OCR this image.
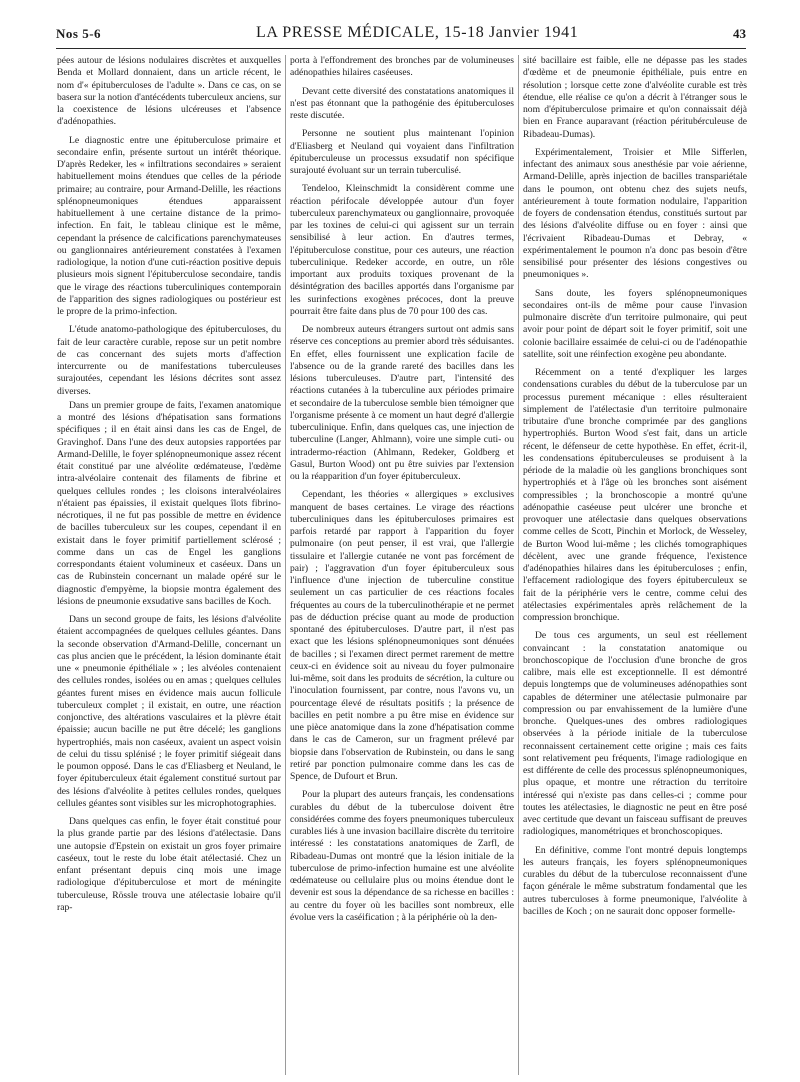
Nos 5-6	LA PRESSE MÉDICALE, 15-18 Janvier 1941	43

pées autour de lésions nodulaires discrètes et auxquelles Benda et Mollard donnaient, dans un article récent, le nom d'« épituberculoses de l'adulte ». Dans ce cas, on se basera sur la notion d'antécédents tuberculeux anciens, sur la coexistence de lésions ulcéreuses et l'absence d'adénopathies.

Le diagnostic entre une épituberculose primaire et secondaire enfin, présente surtout un intérêt théorique. D'après Redeker, les « infiltrations secondaires » seraient habituellement moins étendues que celles de la période primaire; au contraire, pour Armand-Delille, les réactions splénopneumoniques étendues apparaissent habituellement à une certaine distance de la primo-infection. En fait, le tableau clinique est le même, cependant la présence de calcifications parenchymateuses ou ganglionnaires antérieurement constatées à l'examen radiologique, la notion d'une cuti-réaction positive depuis plusieurs mois signent l'épituberculose secondaire, tandis que le virage des réactions tuberculiniques contemporain de l'apparition des signes radiologiques ou postérieur est le propre de la primo-infection.

L'étude anatomo-pathologique des épituberculoses, du fait de leur caractère curable, repose sur un petit nombre de cas concernant des sujets morts d'affection intercurrente ou de manifestations tuberculeuses surajoutées, cependant les lésions décrites sont assez diverses.

Dans un premier groupe de faits, l'examen anatomique a montré des lésions d'hépatisation sans formations spécifiques ; il en était ainsi dans les cas de Engel, de Gravinghof. Dans l'une des deux autopsies rapportées par Armand-Delille, le foyer splénopneumonique assez récent était constitué par une alvéolite œdémateuse, l'œdème intra-alvéolaire contenait des filaments de fibrine et quelques cellules rondes ; les cloisons interalvéolaires n'étaient pas épaissies, il existait quelques îlots fibrino-nécrotiques, il ne fut pas possible de mettre en évidence de bacilles tuberculeux sur les coupes, cependant il en existait dans le foyer primitif partiellement sclérosé ; comme dans un cas de Engel les ganglions correspondants étaient volumineux et caséeux. Dans un cas de Rubinstein concernant un malade opéré sur le diagnostic d'empyème, la biopsie montra également des lésions de pneumonie exsudative sans bacilles de Koch.

Dans un second groupe de faits, les lésions d'alvéolite étaient accompagnées de quelques cellules géantes. Dans la seconde observation d'Armand-Delille, concernant un cas plus ancien que le précédent, la lésion dominante était une « pneumonie épithéliale » ; les alvéoles contenaient des cellules rondes, isolées ou en amas ; quelques cellules géantes furent mises en évidence mais aucun follicule tuberculeux complet ; il existait, en outre, une réaction conjonctive, des altérations vasculaires et la plèvre était épaissie; aucun bacille ne put être décelé; les ganglions hypertrophiés, mais non caséeux, avaient un aspect voisin de celui du tissu splénisé ; le foyer primitif siégeait dans le poumon opposé. Dans le cas d'Eliasberg et Neuland, le foyer épituberculeux était également constitué surtout par des lésions d'alvéolite à petites cellules rondes, quelques cellules géantes sont visibles sur les microphotographies.

Dans quelques cas enfin, le foyer était constitué pour la plus grande partie par des lésions d'atélectasie. Dans une autopsie d'Epstein on existait un gros foyer primaire caséeux, tout le reste du lobe était atélectasié. Chez un enfant présentant depuis cinq mois une image radiologique d'épituberculose et mort de méningite tuberculeuse, Rössle trouva une atélectasie lobaire qu'il rap-

porta à l'effondrement des bronches par de volumineuses adénopathies hilaires caséeuses.

Devant cette diversité des constatations anatomiques il n'est pas étonnant que la pathogénie des épituberculoses reste discutée.

Personne ne soutient plus maintenant l'opinion d'Eliasberg et Neuland qui voyaient dans l'infiltration épituberculeuse un processus exsudatif non spécifique surajouté évoluant sur un terrain tuberculisé.

Tendeloo, Kleinschmidt la considèrent comme une réaction périfocale développée autour d'un foyer tuberculeux parenchymateux ou ganglionnaire, provoquée par les toxines de celui-ci qui agissent sur un terrain sensibilisé à leur action. En d'autres termes, l'épituberculose constitue, pour ces auteurs, une réaction tuberculinique. Redeker accorde, en outre, un rôle important aux produits toxiques provenant de la désintégration des bacilles apportés dans l'organisme par les surinfections exogènes précoces, dont la preuve pourrait être faite dans plus de 70 pour 100 des cas.

De nombreux auteurs étrangers surtout ont admis sans réserve ces conceptions au premier abord très séduisantes. En effet, elles fournissent une explication facile de l'absence ou de la grande rareté des bacilles dans les lésions tuberculeuses. D'autre part, l'intensité des réactions cutanées à la tuberculine aux périodes primaire et secondaire de la tuberculose semble bien témoigner que l'organisme présente à ce moment un haut degré d'allergie tuberculinique. Enfin, dans quelques cas, une injection de tuberculine (Langer, Ahlmann), voire une simple cuti- ou intradermo-réaction (Ahlmann, Redeker, Goldberg et Gasul, Burton Wood) ont pu être suivies par l'extension ou la réapparition d'un foyer épituberculeux.

Cependant, les théories « allergiques » exclusives manquent de bases certaines. Le virage des réactions tuberculiniques dans les épituberculoses primaires est parfois retardé par rapport à l'apparition du foyer pulmonaire (on peut penser, il est vrai, que l'allergie tissulaire et l'allergie cutanée ne vont pas forcément de pair) ; l'aggravation d'un foyer épituberculeux sous l'influence d'une injection de tuberculine constitue seulement un cas particulier de ces réactions focales fréquentes au cours de la tuberculinothérapie et ne permet pas de déduction précise quant au mode de production spontané des épituberculoses. D'autre part, il n'est pas exact que les lésions splénopneumoniques sont dénuées de bacilles ; si l'examen direct permet rarement de mettre ceux-ci en évidence soit au niveau du foyer pulmonaire lui-même, soit dans les produits de sécrétion, la culture ou l'inoculation fournissent, par contre, nous l'avons vu, un pourcentage élevé de résultats positifs ; la présence de bacilles en petit nombre a pu être mise en évidence sur une pièce anatomique dans la zone d'hépatisation comme dans le cas de Cameron, sur un fragment prélevé par biopsie dans l'observation de Rubinstein, ou dans le sang retiré par ponction pulmonaire comme dans les cas de Spence, de Dufourt et Brun.

Pour la plupart des auteurs français, les condensations curables du début de la tuberculose doivent être considérées comme des foyers pneumoniques tuberculeux curables liés à une invasion bacillaire discrète du territoire intéressé : les constatations anatomiques de Zarfl, de Ribadeau-Dumas ont montré que la lésion initiale de la tuberculose de primo-infection humaine est une alvéolite œdémateuse ou cellulaire plus ou moins étendue dont le devenir est sous la dépendance de sa richesse en bacilles : au centre du foyer où les bacilles sont nombreux, elle évolue vers la caséification ; à la périphérie où la den-

sité bacillaire est faible, elle ne dépasse pas les stades d'œdème et de pneumonie épithéliale, puis entre en résolution ; lorsque cette zone d'alvéolite curable est très étendue, elle réalise ce qu'on a décrit à l'étranger sous le nom d'épituberculose primaire et qu'on connaissait déjà bien en France auparavant (réaction péritubérculeuse de Ribadeau-Dumas).

Expérimentalement, Troisier et Mlle Sifferlen, infectant des animaux sous anesthésie par voie aérienne, Armand-Delille, après injection de bacilles transpariétale dans le poumon, ont obtenu chez des sujets neufs, antérieurement à toute formation nodulaire, l'apparition de foyers de condensation étendus, constitués surtout par des lésions d'alvéolite diffuse ou en foyer : ainsi que l'écrivaient Ribadeau-Dumas et Debray, « expérimentalement le poumon n'a donc pas besoin d'être sensibilisé pour présenter des lésions congestives ou pneumoniques ».

Sans doute, les foyers splénopneumoniques secondaires ont-ils de même pour cause l'invasion pulmonaire discrète d'un territoire pulmonaire, qui peut avoir pour point de départ soit le foyer primitif, soit une colonie bacillaire essaimée de celui-ci ou de l'adénopathie satellite, soit une réinfection exogène peu abondante.

Récemment on a tenté d'expliquer les larges condensations curables du début de la tuberculose par un processus purement mécanique : elles résulteraient simplement de l'atélectasie d'un territoire pulmonaire tributaire d'une bronche comprimée par des ganglions hypertrophiés. Burton Wood s'est fait, dans un article récent, le défenseur de cette hypothèse. En effet, écrit-il, les condensations épituberculeuses se produisent à la période de la maladie où les ganglions bronchiques sont hypertrophiés et à l'âge où les bronches sont aisément compressibles ; la bronchoscopie a montré qu'une adénopathie caséeuse peut ulcérer une bronche et provoquer une atélectasie dans quelques observations comme celles de Scott, Pinchin et Morlock, de Wesseley, de Burton Wood lui-même ; les clichés tomographiques décèlent, avec une grande fréquence, l'existence d'adénopathies hilaires dans les épituberculoses ; enfin, l'effacement radiologique des foyers épituberculeux se fait de la périphérie vers le centre, comme celui des atélectasies expérimentales après relâchement de la compression bronchique.

De tous ces arguments, un seul est réellement convaincant : la constatation anatomique ou bronchoscopique de l'occlusion d'une bronche de gros calibre, mais elle est exceptionnelle. Il est démontré depuis longtemps que de volumineuses adénopathies sont capables de déterminer une atélectasie pulmonaire par compression ou par envahissement de la lumière d'une bronche. Quelques-unes des ombres radiologiques observées à la période initiale de la tuberculose reconnaissent certainement cette origine ; mais ces faits sont relativement peu fréquents, l'image radiologique en est différente de celle des processus splénopneumoniques, plus opaque, et montre une rétraction du territoire intéressé qui n'existe pas dans celles-ci ; comme pour toutes les atélectasies, le diagnostic ne peut en être posé avec certitude que devant un faisceau suffisant de preuves radiologiques, manométriques et bronchoscopiques.

En définitive, comme l'ont montré depuis longtemps les auteurs français, les foyers splénopneumoniques curables du début de la tuberculose reconnaissent d'une façon générale le même substratum fondamental que les autres tuberculoses à forme pneumonique, l'alvéolite à bacilles de Koch ; on ne saurait donc opposer formelle-
